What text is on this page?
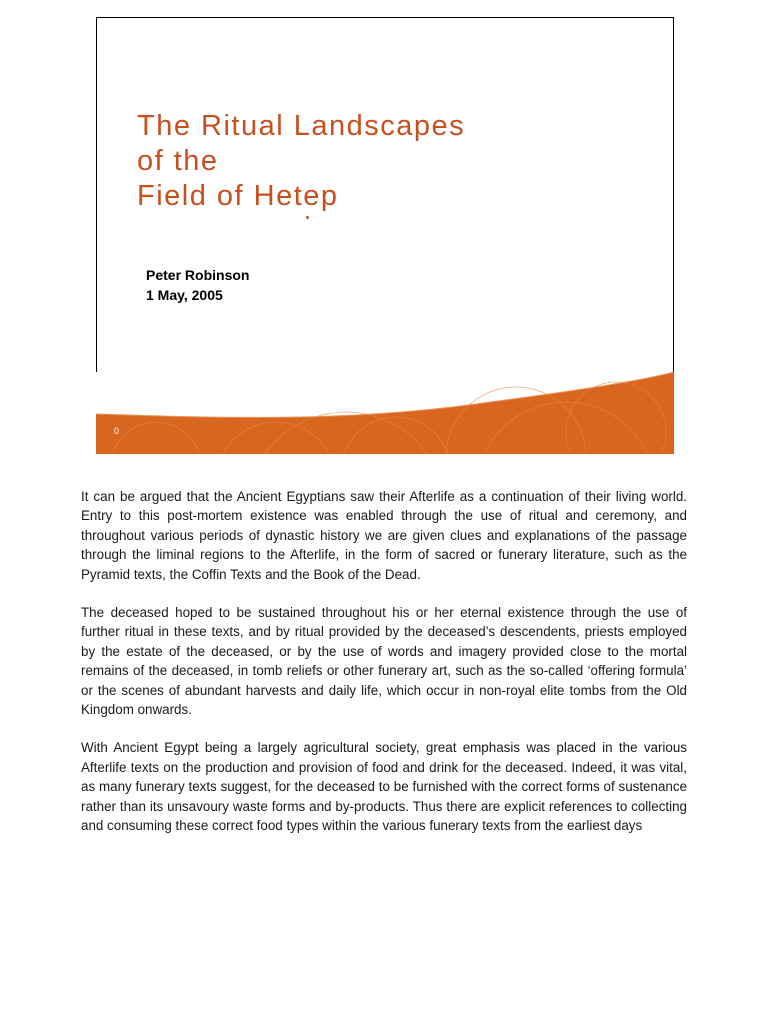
The Ritual Landscapes
of the
Field of Hetep
Peter Robinson
1 May, 2005
0

It can be argued that the Ancient Egyptians saw their Afterlife as a continuation of their living world. Entry to this post-mortem existence was enabled through the use of ritual and ceremony, and throughout various periods of dynastic history we are given clues and explanations of the passage through the liminal regions to the Afterlife, in the form of sacred or funerary literature, such as the Pyramid texts, the Coffin Texts and the Book of the Dead.

The deceased hoped to be sustained throughout his or her eternal existence through the use of further ritual in these texts, and by ritual provided by the deceased’s descendents, priests employed by the estate of the deceased, or by the use of words and imagery provided close to the mortal remains of the deceased, in tomb reliefs or other funerary art, such as the so-called ‘offering formula’ or the scenes of abundant harvests and daily life, which occur in non-royal elite tombs from the Old Kingdom onwards.

With Ancient Egypt being a largely agricultural society, great emphasis was placed in the various Afterlife texts on the production and provision of food and drink for the deceased. Indeed, it was vital, as many funerary texts suggest, for the deceased to be furnished with the correct forms of sustenance rather than its unsavoury waste forms and by-products. Thus there are explicit references to collecting and consuming these correct food types within the various funerary texts from the earliest days
